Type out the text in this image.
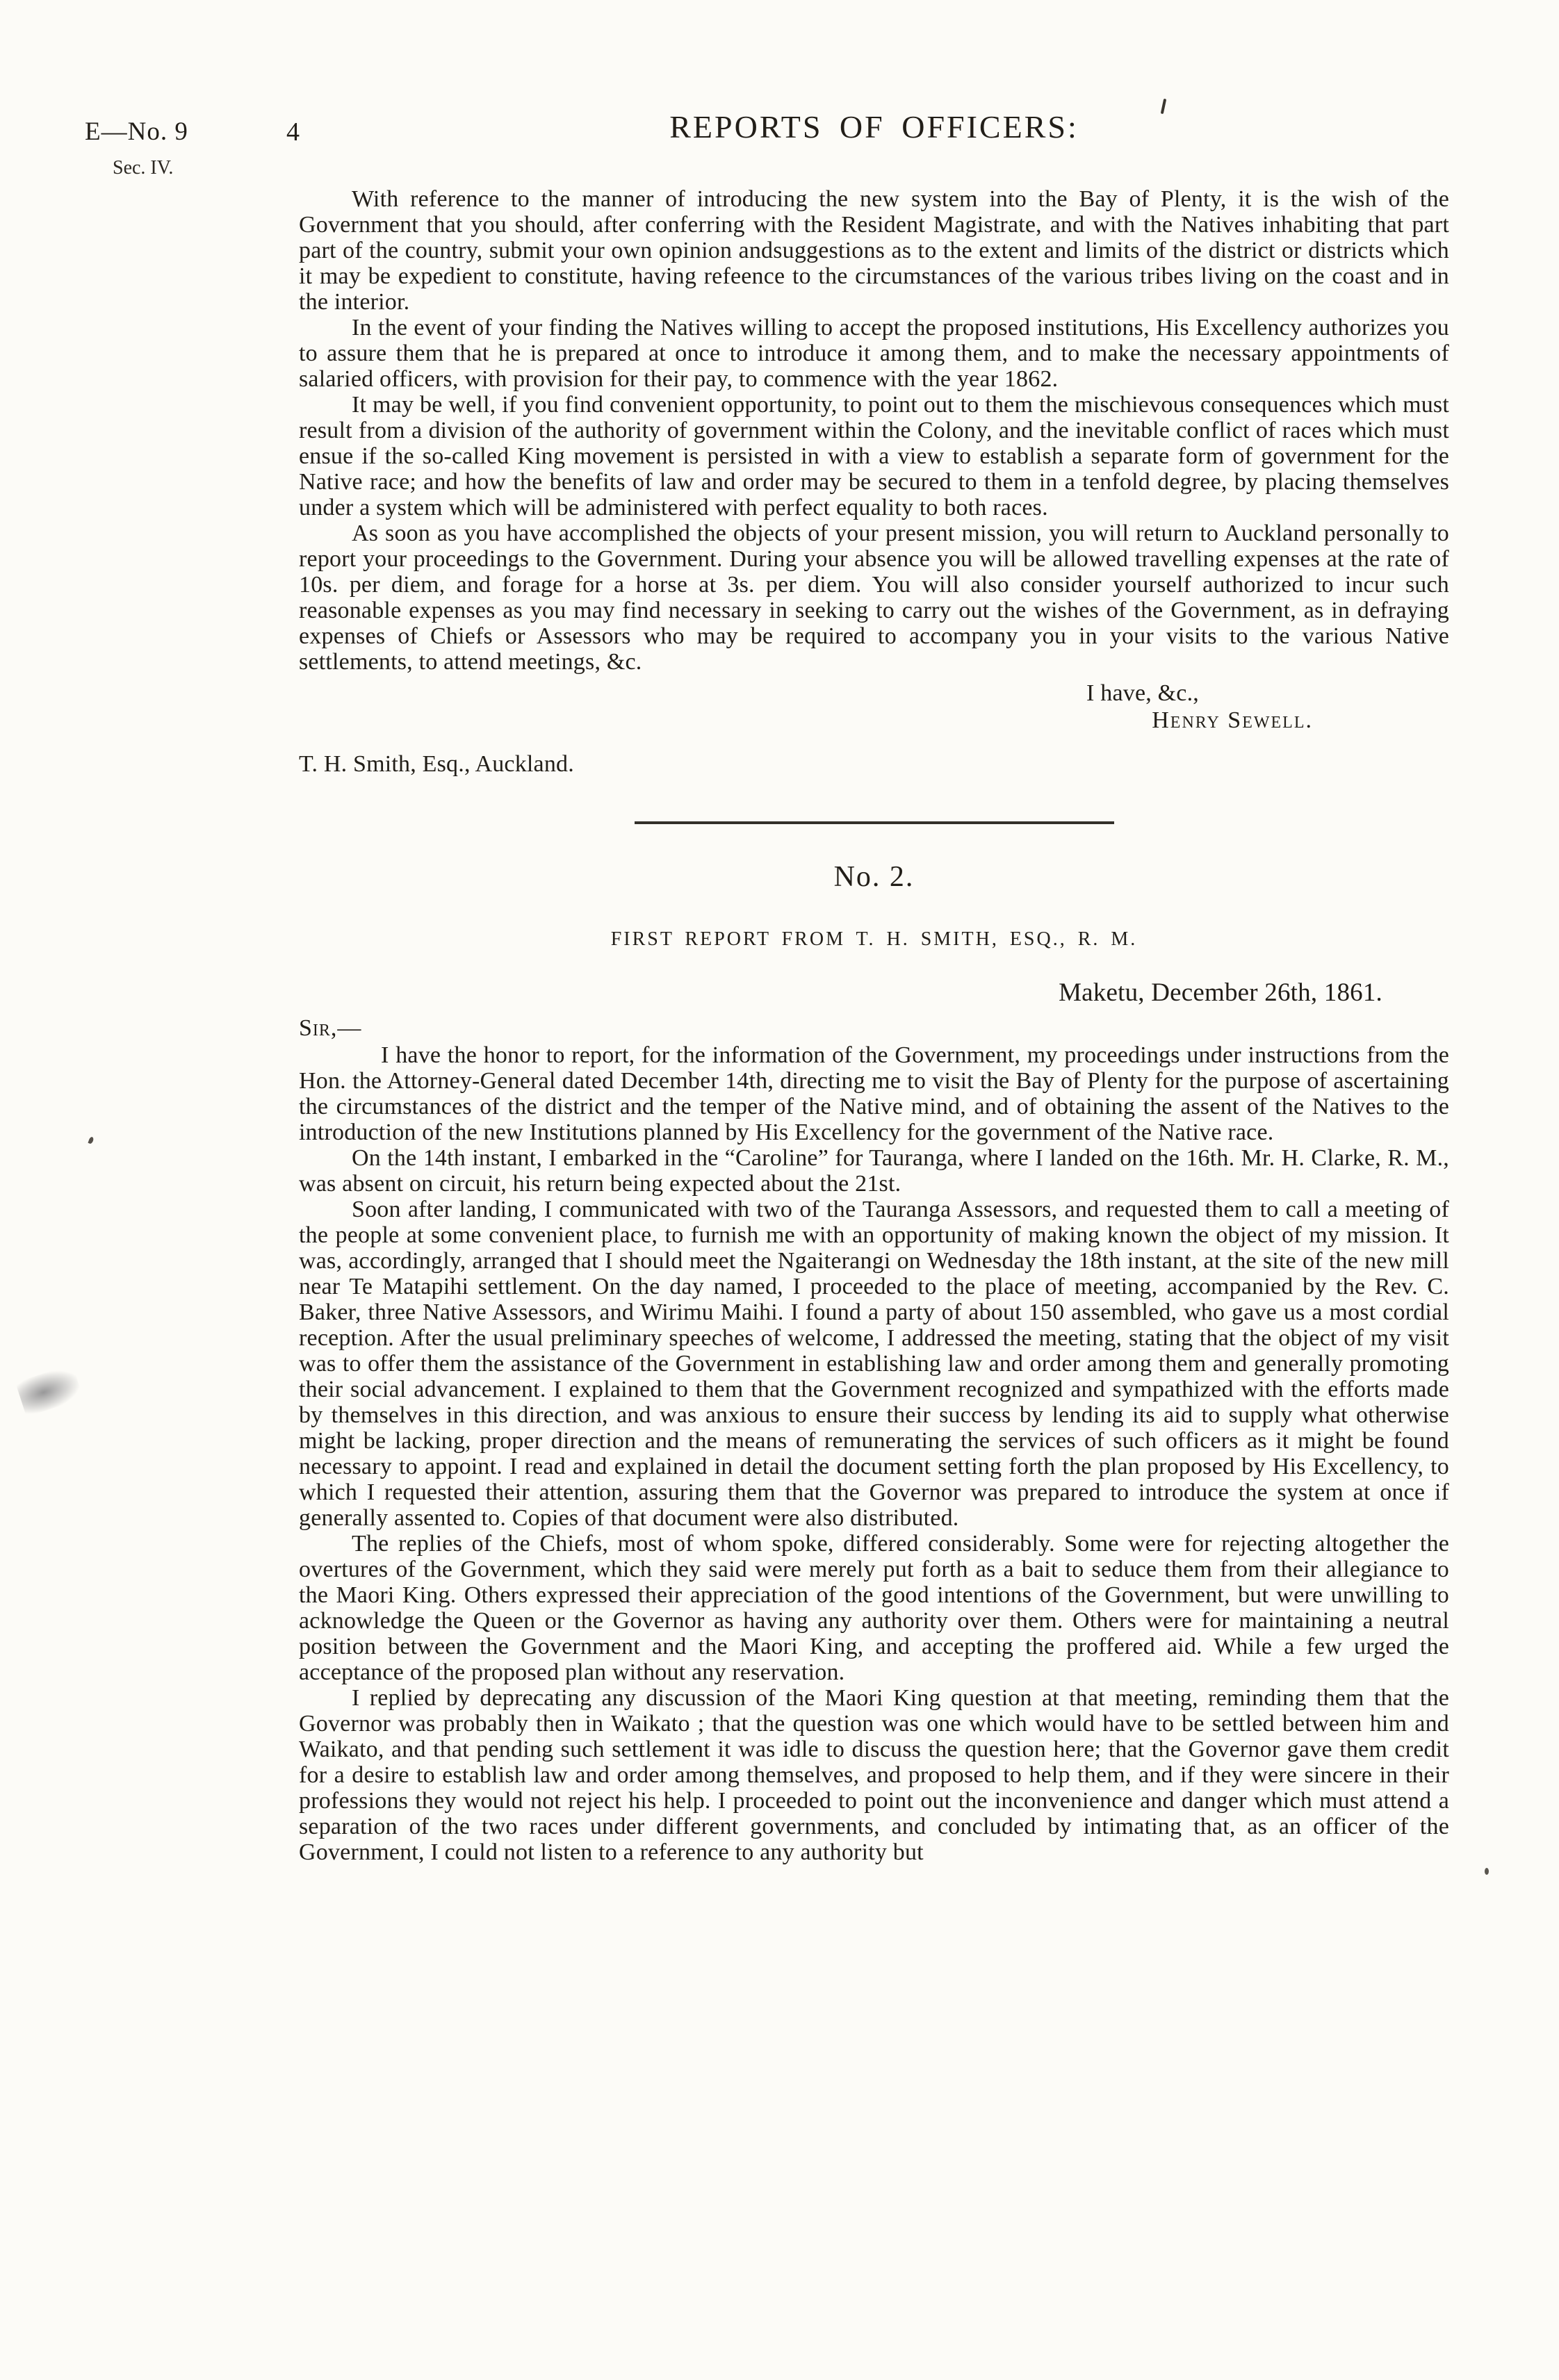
E—No. 9
Sec. IV.
4	REPORTS OF OFFICERS:

With reference to the manner of introducing the new system into the Bay of Plenty, it is the wish of the Government that you should, after conferring with the Resident Magistrate, and with the Natives inhabiting that part part of the country, submit your own opinion andsuggestions as to the extent and limits of the district or districts which it may be expedient to constitute, having refeence to the circumstances of the various tribes living on the coast and in the interior.

In the event of your finding the Natives willing to accept the proposed institutions, His Excellency authorizes you to assure them that he is prepared at once to introduce it among them, and to make the necessary appointments of salaried officers, with provision for their pay, to commence with the year 1862.

It may be well, if you find convenient opportunity, to point out to them the mischievous consequences which must result from a division of the authority of government within the Colony, and the inevitable conflict of races which must ensue if the so-called King movement is persisted in with a view to establish a separate form of government for the Native race; and how the benefits of law and order may be secured to them in a tenfold degree, by placing themselves under a system which will be administered with perfect equality to both races.

As soon as you have accomplished the objects of your present mission, you will return to Auckland personally to report your proceedings to the Government. During your absence you will be allowed travelling expenses at the rate of 10s. per diem, and forage for a horse at 3s. per diem. You will also consider yourself authorized to incur such reasonable expenses as you may find necessary in seeking to carry out the wishes of the Government, as in defraying expenses of Chiefs or Assessors who may be required to accompany you in your visits to the various Native settlements, to attend meetings, &c.

I have, &c.,
Henry Sewell.
T. H. Smith, Esq., Auckland.
No. 2.
FIRST REPORT FROM T. H. SMITH, ESQ., R. M.
Maketu, December 26th, 1861.
Sir,—

I have the honor to report, for the information of the Government, my proceedings under instructions from the Hon. the Attorney-General dated December 14th, directing me to visit the Bay of Plenty for the purpose of ascertaining the circumstances of the district and the temper of the Native mind, and of obtaining the assent of the Natives to the introduction of the new Institutions planned by His Excellency for the government of the Native race.

On the 14th instant, I embarked in the “Caroline” for Tauranga, where I landed on the 16th. Mr. H. Clarke, R. M., was absent on circuit, his return being expected about the 21st.

Soon after landing, I communicated with two of the Tauranga Assessors, and requested them to call a meeting of the people at some convenient place, to furnish me with an opportunity of making known the object of my mission. It was, accordingly, arranged that I should meet the Ngaiterangi on Wednesday the 18th instant, at the site of the new mill near Te Matapihi settlement. On the day named, I proceeded to the place of meeting, accompanied by the Rev. C. Baker, three Native Assessors, and Wirimu Maihi. I found a party of about 150 assembled, who gave us a most cordial reception. After the usual preliminary speeches of welcome, I addressed the meeting, stating that the object of my visit was to offer them the assistance of the Government in establishing law and order among them and generally promoting their social advancement. I explained to them that the Government recognized and sympathized with the efforts made by themselves in this direction, and was anxious to ensure their success by lending its aid to supply what otherwise might be lacking, proper direction and the means of remunerating the services of such officers as it might be found necessary to appoint. I read and explained in detail the document setting forth the plan proposed by His Excellency, to which I requested their attention, assuring them that the Governor was prepared to introduce the system at once if generally assented to. Copies of that document were also distributed.

The replies of the Chiefs, most of whom spoke, differed considerably. Some were for rejecting altogether the overtures of the Government, which they said were merely put forth as a bait to seduce them from their allegiance to the Maori King. Others expressed their appreciation of the good intentions of the Government, but were unwilling to acknowledge the Queen or the Governor as having any authority over them. Others were for maintaining a neutral position between the Government and the Maori King, and accepting the proffered aid. While a few urged the acceptance of the proposed plan without any reservation.

I replied by deprecating any discussion of the Maori King question at that meeting, reminding them that the Governor was probably then in Waikato ; that the question was one which would have to be settled between him and Waikato, and that pending such settlement it was idle to discuss the question here; that the Governor gave them credit for a desire to establish law and order among themselves, and proposed to help them, and if they were sincere in their professions they would not reject his help. I proceeded to point out the inconvenience and danger which must attend a separation of the two races under different governments, and concluded by intimating that, as an officer of the Government, I could not listen to a reference to any authority but
